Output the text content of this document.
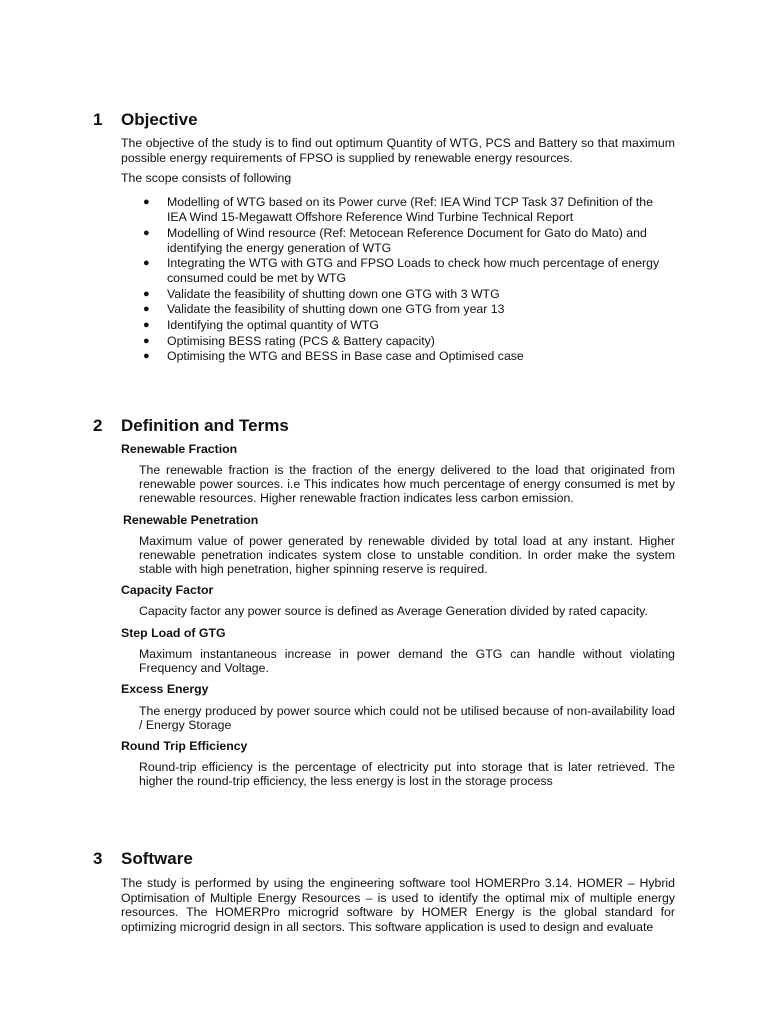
1 Objective
The objective of the study is to find out optimum Quantity of WTG, PCS and Battery so that maximum possible energy requirements of FPSO is supplied by renewable energy resources.
The scope consists of following
● Modelling of WTG based on its Power curve (Ref: IEA Wind TCP Task 37 Definition of the IEA Wind 15-Megawatt Offshore Reference Wind Turbine Technical Report
● Modelling of Wind resource (Ref: Metocean Reference Document for Gato do Mato) and identifying the energy generation of WTG
● Integrating the WTG with GTG and FPSO Loads to check how much percentage of energy consumed could be met by WTG
● Validate the feasibility of shutting down one GTG with 3 WTG
● Validate the feasibility of shutting down one GTG from year 13
● Identifying the optimal quantity of WTG
● Optimising BESS rating (PCS & Battery capacity)
● Optimising the WTG and BESS in Base case and Optimised case
2 Definition and Terms
Renewable Fraction
The renewable fraction is the fraction of the energy delivered to the load that originated from renewable power sources. i.e This indicates how much percentage of energy consumed is met by renewable resources. Higher renewable fraction indicates less carbon emission.
Renewable Penetration
Maximum value of power generated by renewable divided by total load at any instant. Higher renewable penetration indicates system close to unstable condition. In order make the system stable with high penetration, higher spinning reserve is required.
Capacity Factor
Capacity factor any power source is defined as Average Generation divided by rated capacity.
Step Load of GTG
Maximum instantaneous increase in power demand the GTG can handle without violating Frequency and Voltage.
Excess Energy
The energy produced by power source which could not be utilised because of non-availability load / Energy Storage
Round Trip Efficiency
Round-trip efficiency is the percentage of electricity put into storage that is later retrieved. The higher the round-trip efficiency, the less energy is lost in the storage process
3 Software
The study is performed by using the engineering software tool HOMERPro 3.14. HOMER – Hybrid Optimisation of Multiple Energy Resources – is used to identify the optimal mix of multiple energy resources. The HOMERPro microgrid software by HOMER Energy is the global standard for optimizing microgrid design in all sectors. This software application is used to design and evaluate
